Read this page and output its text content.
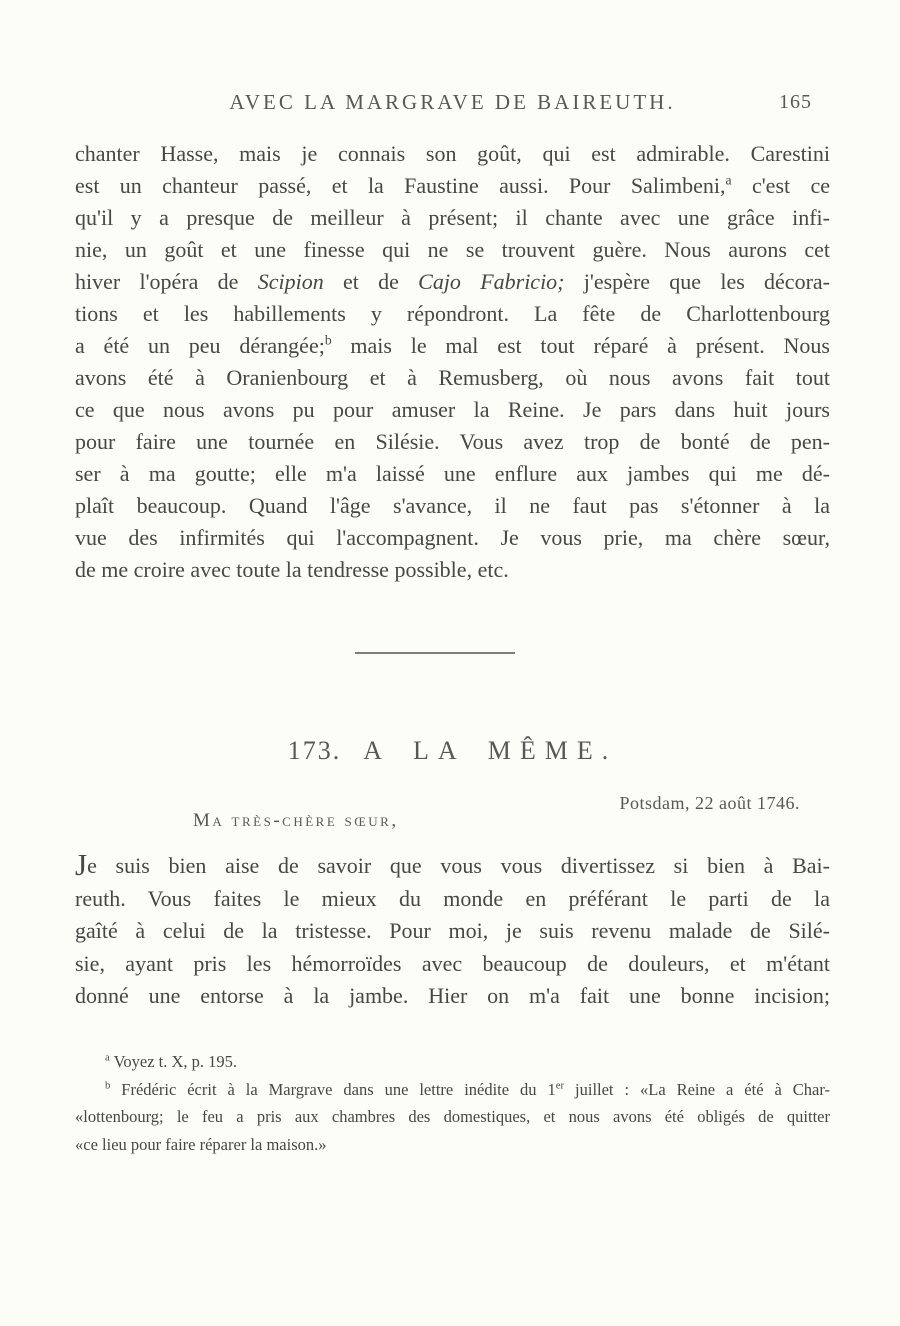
AVEC LA MARGRAVE DE BAIREUTH.	165
chanter Hasse, mais je connais son goût, qui est admirable. Carestini
est un chanteur passé, et la Faustine aussi. Pour Salimbeni,$^a$ c'est ce
qu'il y a presque de meilleur à présent; il chante avec une grâce infi-
nie, un goût et une finesse qui ne se trouvent guère. Nous aurons cet
hiver l'opéra de Scipion et de Cajo Fabricio; j'espère que les décora-
tions et les habillements y répondront. La fête de Charlottenbourg
a été un peu dérangée;$^b$ mais le mal est tout réparé à présent. Nous
avons été à Oranienbourg et à Remusberg, où nous avons fait tout
ce que nous avons pu pour amuser la Reine. Je pars dans huit jours
pour faire une tournée en Silésie. Vous avez trop de bonté de pen-
ser à ma goutte; elle m'a laissé une enflure aux jambes qui me dé-
plaît beaucoup. Quand l'âge s'avance, il ne faut pas s'étonner à la
vue des infirmités qui l'accompagnent. Je vous prie, ma chère sœur,
de me croire avec toute la tendresse possible, etc.
173. A LA MÊME.
Potsdam, 22 août 1746.
Ma très-chère sœur,
Je suis bien aise de savoir que vous vous divertissez si bien à Bai-
reuth. Vous faites le mieux du monde en préférant le parti de la
gaîté à celui de la tristesse. Pour moi, je suis revenu malade de Silé-
sie, ayant pris les hémorroïdes avec beaucoup de douleurs, et m'étant
donné une entorse à la jambe. Hier on m'a fait une bonne incision;
$^a$ Voyez t. X, p. 195.
$^b$ Frédéric écrit à la Margrave dans une lettre inédite du 1er juillet : «La Reine a été à Char-
«lottenbourg; le feu a pris aux chambres des domestiques, et nous avons été obligés de quitter
«ce lieu pour faire réparer la maison.»
